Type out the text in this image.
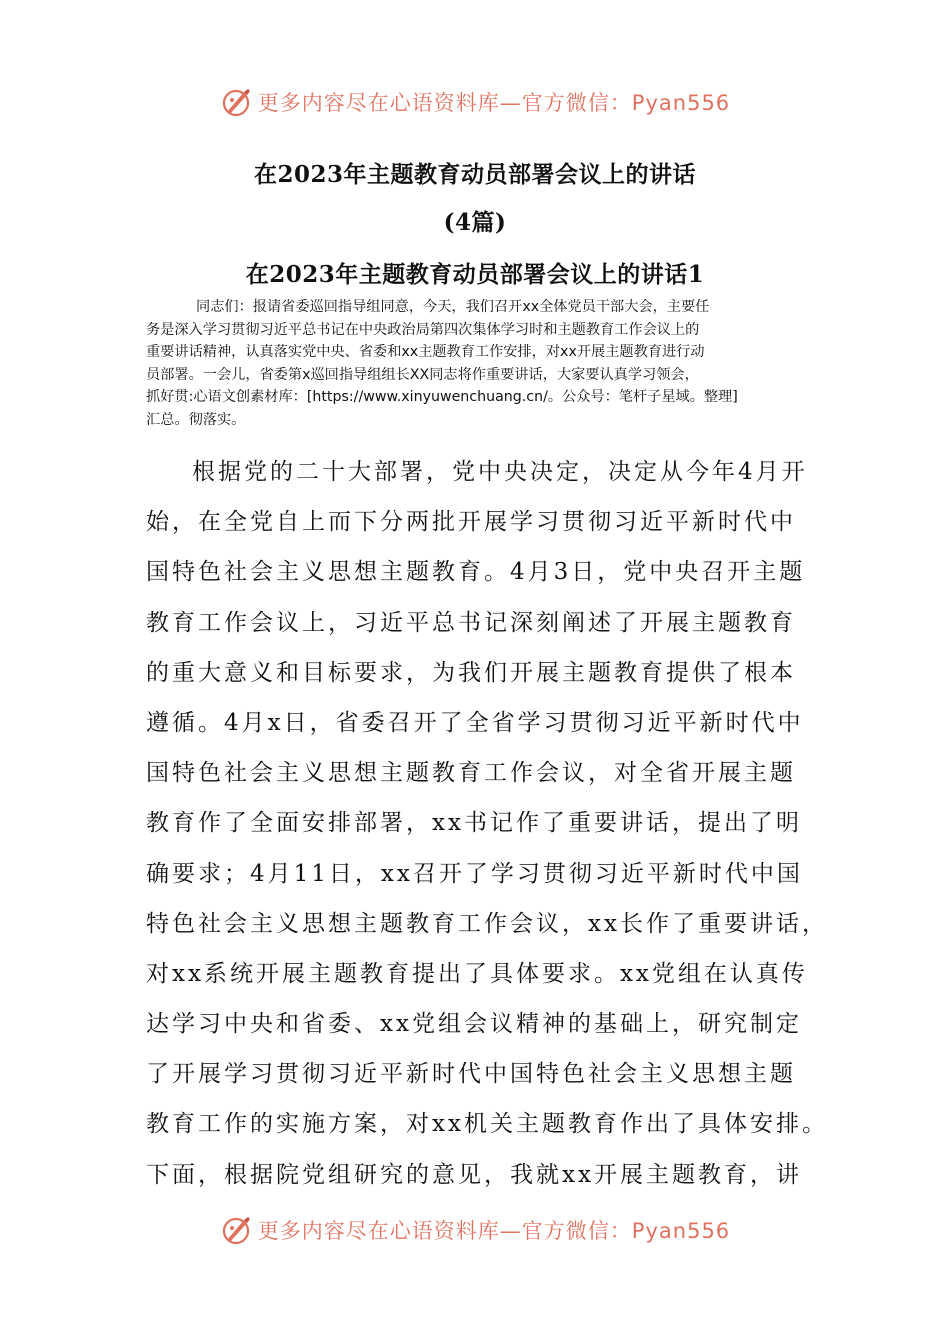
更多内容尽在心语资料库—官方微信：Pyan556
在2023年主题教育动员部署会议上的讲话
(4篇)
在2023年主题教育动员部署会议上的讲话1
同志们：报请省委巡回指导组同意，今天，我们召开xx全体党员干部大会，主要任
务是深入学习贯彻习近平总书记在中央政治局第四次集体学习时和主题教育工作会议上的
重要讲话精神，认真落实党中央、省委和xx主题教育工作安排，对xx开展主题教育进行动
员部署。一会儿，省委第x巡回指导组组长XX同志将作重要讲话，大家要认真学习领会，
抓好贯:心语文创素材库：[https://www.xinyuwenchuang.cn/。公众号：笔杆子星域。整理]
汇总。彻落实。
根据党的二十大部署，党中央决定，决定从今年4月开
始，在全党自上而下分两批开展学习贯彻习近平新时代中
国特色社会主义思想主题教育。4月3日，党中央召开主题
教育工作会议上，习近平总书记深刻阐述了开展主题教育
的重大意义和目标要求，为我们开展主题教育提供了根本
遵循。4月x日，省委召开了全省学习贯彻习近平新时代中
国特色社会主义思想主题教育工作会议，对全省开展主题
教育作了全面安排部署，xx书记作了重要讲话，提出了明
确要求；4月11日，xx召开了学习贯彻习近平新时代中国
特色社会主义思想主题教育工作会议，xx长作了重要讲话，
对xx系统开展主题教育提出了具体要求。xx党组在认真传
达学习中央和省委、xx党组会议精神的基础上，研究制定
了开展学习贯彻习近平新时代中国特色社会主义思想主题
教育工作的实施方案，对xx机关主题教育作出了具体安排。
下面，根据院党组研究的意见，我就xx开展主题教育，讲
更多内容尽在心语资料库—官方微信：Pyan556
